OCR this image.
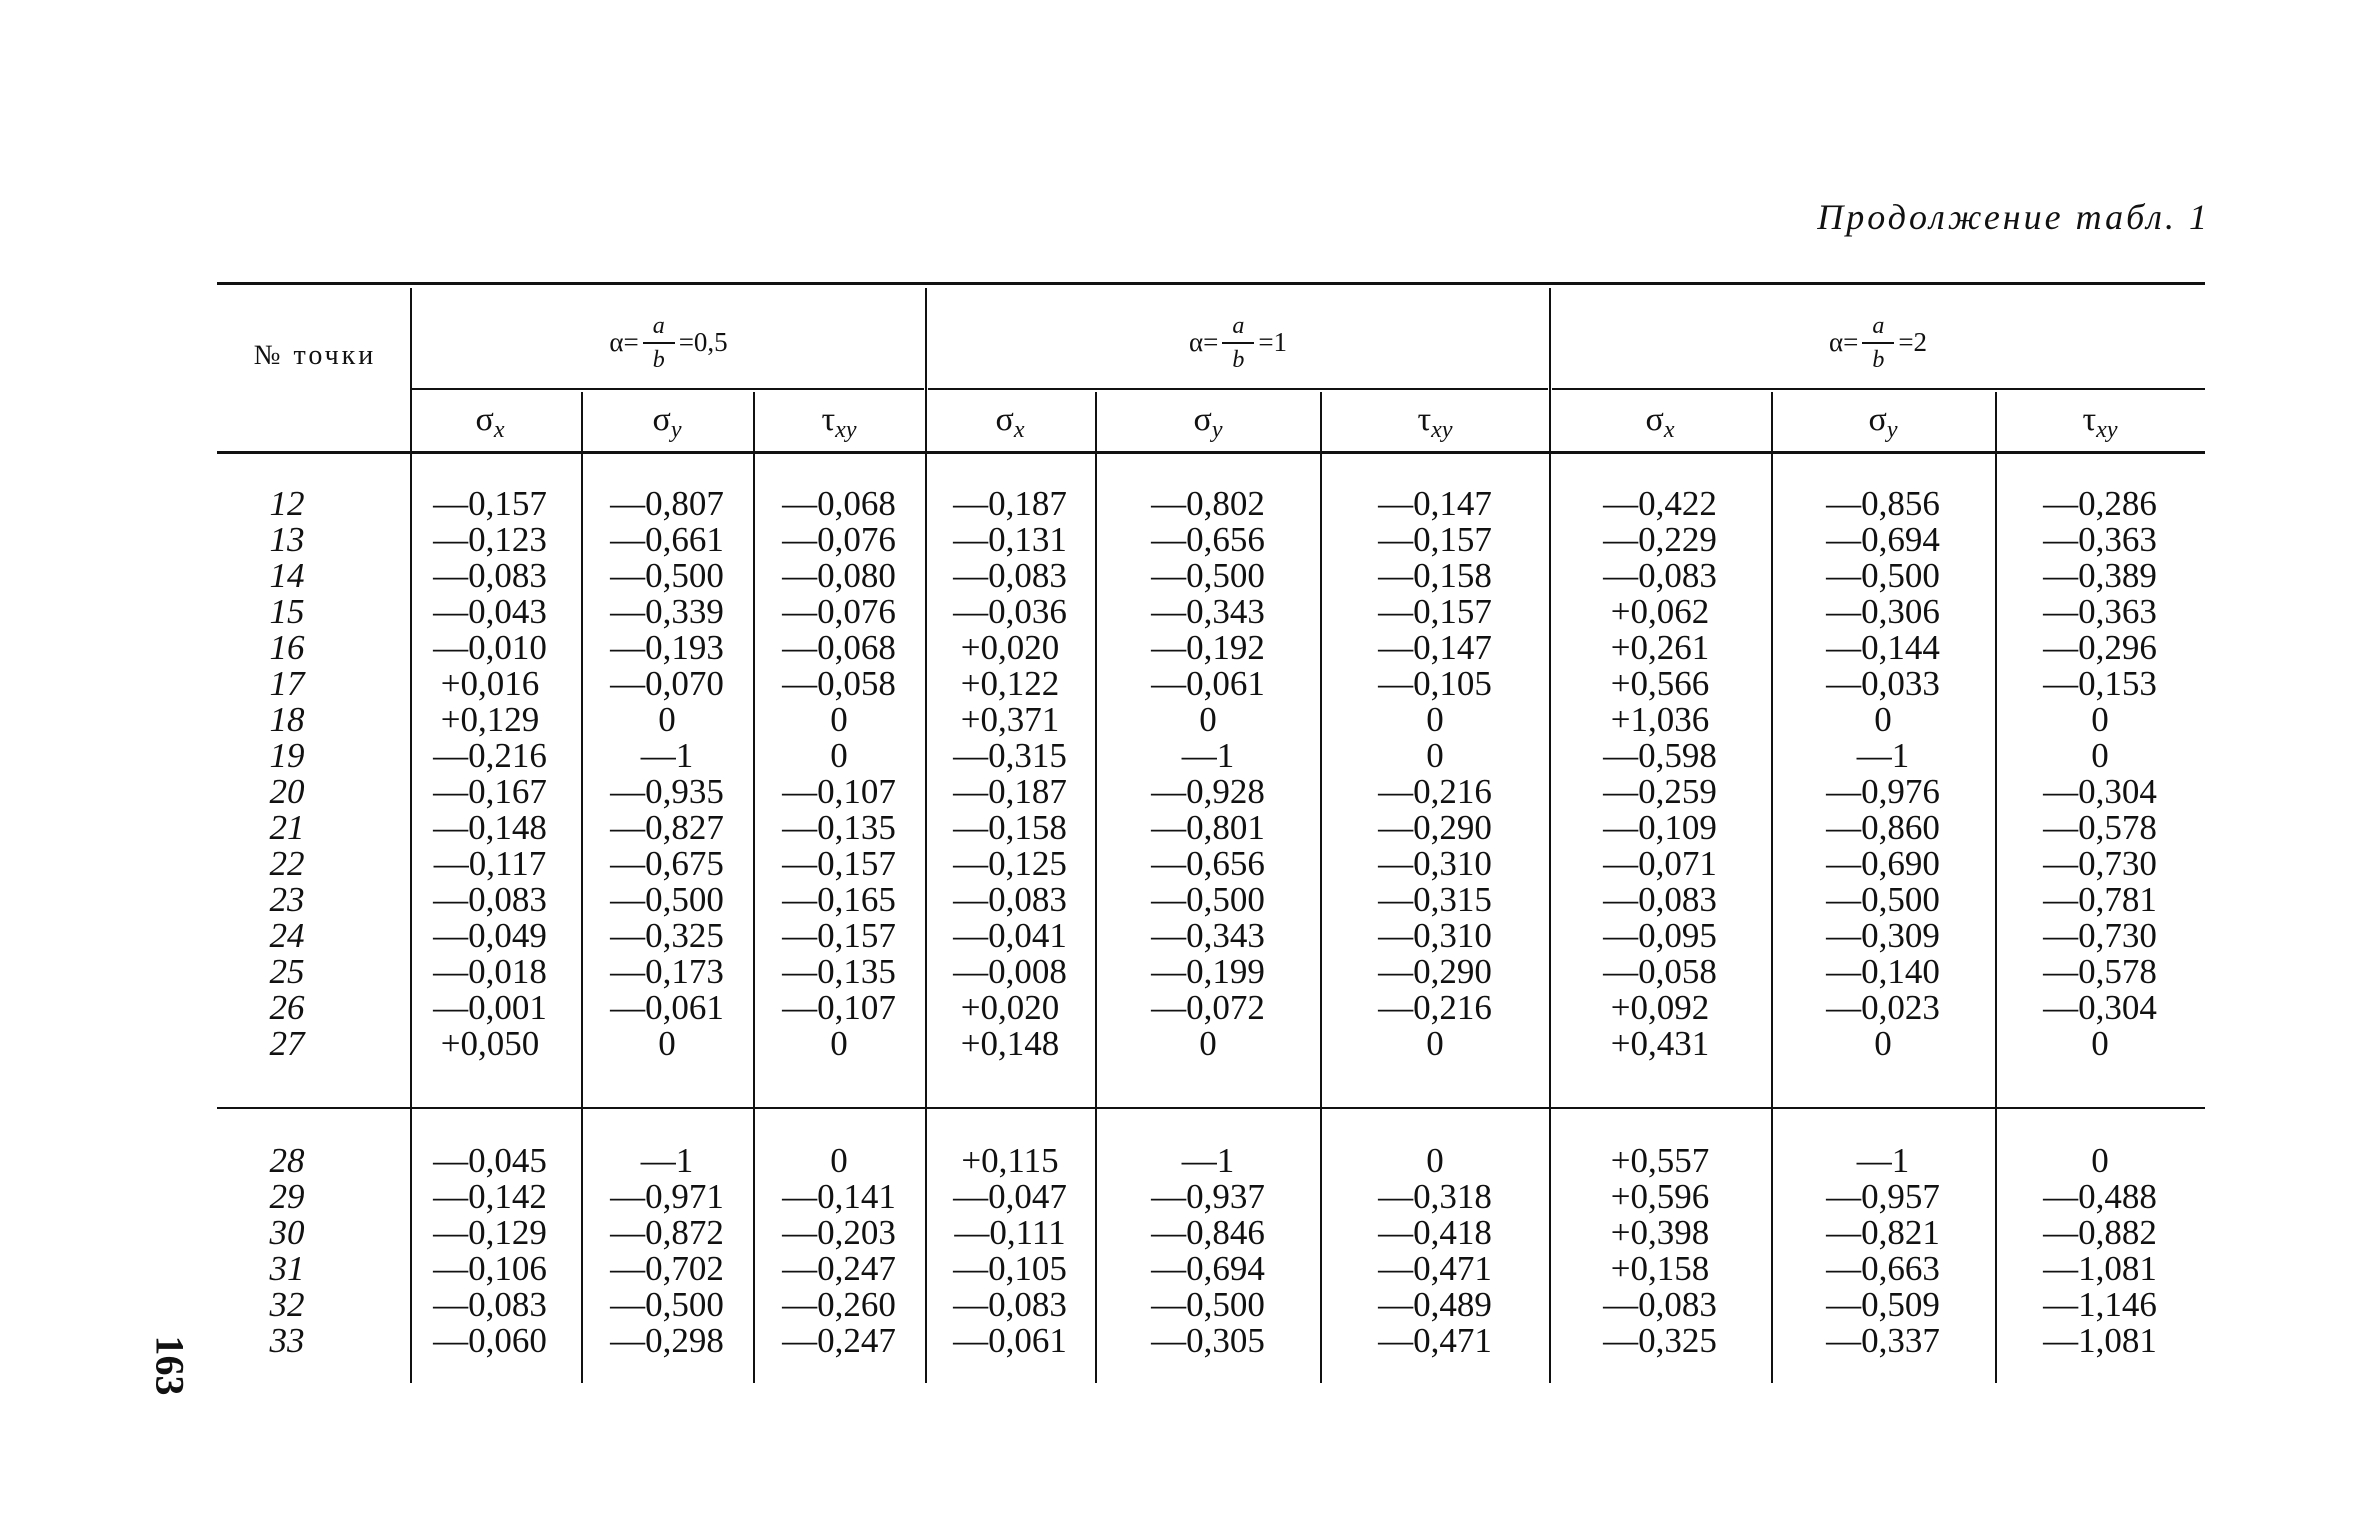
Продолжение табл. 1
163
№ точки	$\alpha= \frac{a}{b} =0,5$	$\alpha= \frac{a}{b} =1$	$\alpha= \frac{a}{b} =2$
σ x	σ y	τ xy	σ x	σ y	τ xy	σ x	σ y	τ xy
12	—0,157	—0,807	—0,068	—0,187	—0,802	—0,147	—0,422	—0,856	—0,286
13	—0,123	—0,661	—0,076	—0,131	—0,656	—0,157	—0,229	—0,694	—0,363
14	—0,083	—0,500	—0,080	—0,083	—0,500	—0,158	—0,083	—0,500	—0,389
15	—0,043	—0,339	—0,076	—0,036	—0,343	—0,157	+0,062	—0,306	—0,363
16	—0,010	—0,193	—0,068	+0,020	—0,192	—0,147	+0,261	—0,144	—0,296
17	+0,016	—0,070	—0,058	+0,122	—0,061	—0,105	+0,566	—0,033	—0,153
18	+0,129	0	0	+0,371	0	0	+1,036	0	0
19	—0,216	—1	0	—0,315	—1	0	—0,598	—1	0
20	—0,167	—0,935	—0,107	—0,187	—0,928	—0,216	—0,259	—0,976	—0,304
21	—0,148	—0,827	—0,135	—0,158	—0,801	—0,290	—0,109	—0,860	—0,578
22	—0,117	—0,675	—0,157	—0,125	—0,656	—0,310	—0,071	—0,690	—0,730
23	—0,083	—0,500	—0,165	—0,083	—0,500	—0,315	—0,083	—0,500	—0,781
24	—0,049	—0,325	—0,157	—0,041	—0,343	—0,310	—0,095	—0,309	—0,730
25	—0,018	—0,173	—0,135	—0,008	—0,199	—0,290	—0,058	—0,140	—0,578
26	—0,001	—0,061	—0,107	+0,020	—0,072	—0,216	+0,092	—0,023	—0,304
27	+0,050	0	0	+0,148	0	0	+0,431	0	0
28	—0,045	—1	0	+0,115	—1	0	+0,557	—1	0
29	—0,142	—0,971	—0,141	—0,047	—0,937	—0,318	+0,596	—0,957	—0,488
30	—0,129	—0,872	—0,203	—0,111	—0,846	—0,418	+0,398	—0,821	—0,882
31	—0,106	—0,702	—0,247	—0,105	—0,694	—0,471	+0,158	—0,663	—1,081
32	—0,083	—0,500	—0,260	—0,083	—0,500	—0,489	—0,083	—0,509	—1,146
33	—0,060	—0,298	—0,247	—0,061	—0,305	—0,471	—0,325	—0,337	—1,081
